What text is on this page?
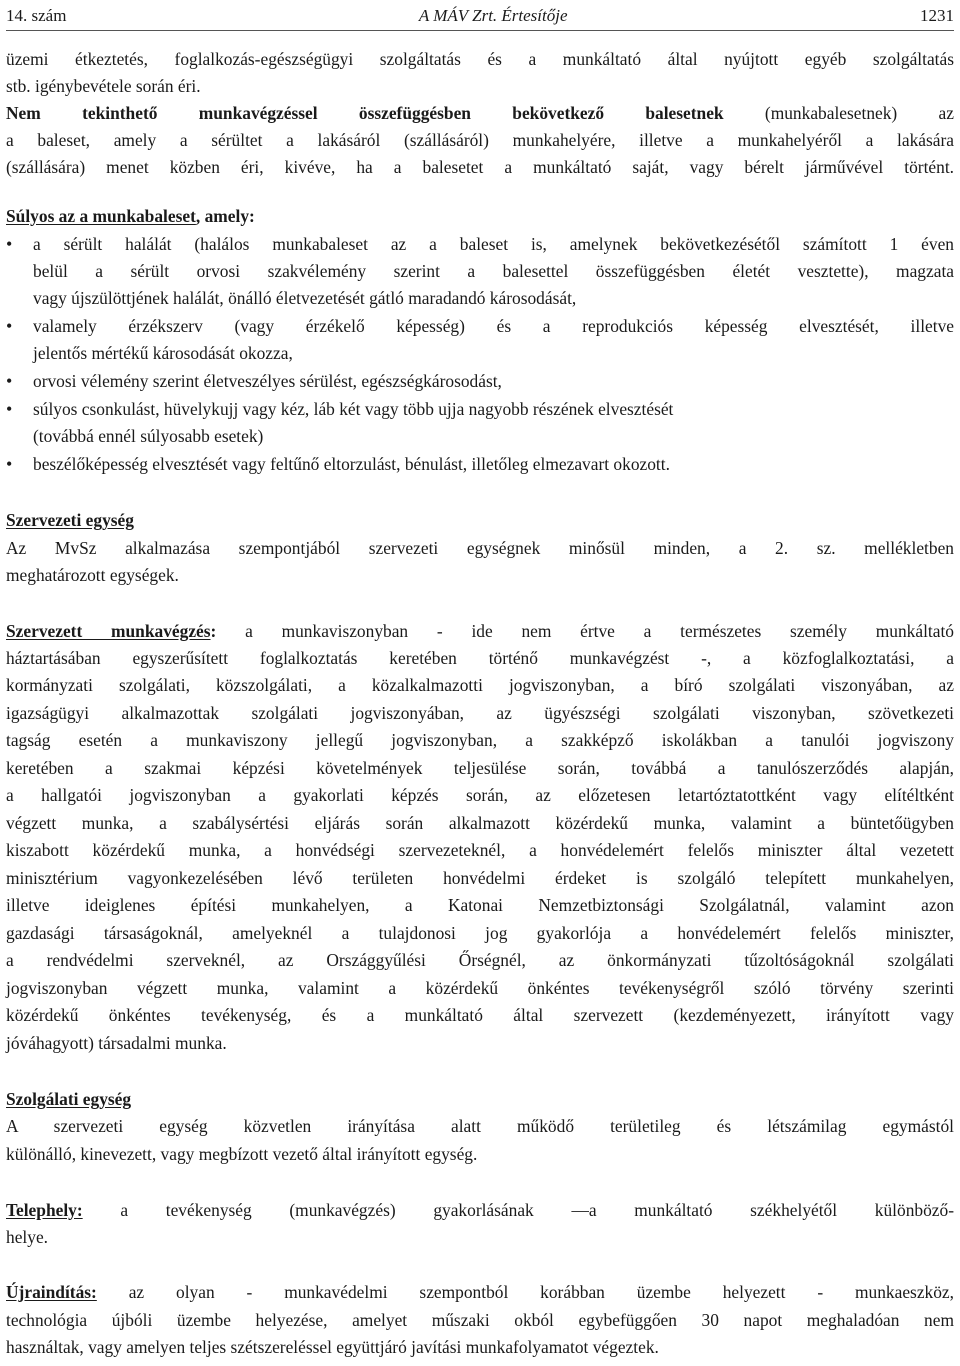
14. szám	A MÁV Zrt. Értesítője	1231
üzemi étkeztetés, foglalkozás-egészségügyi szolgáltatás és a munkáltató által nyújtott egyéb szolgáltatás
stb. igénybevétele során éri.
Nem tekinthető munkavégzéssel összefüggésben bekövetkező balesetnek (munkabalesetnek) az
a baleset, amely a sérültet a lakásáról (szállásáról) munkahelyére, illetve a munkahelyéről a lakására
(szállására) menet közben éri, kivéve, ha a balesetet a munkáltató saját, vagy bérelt járművével történt.
Súlyos az a munkabaleset, amely:
• a sérült halálát (halálos munkabaleset az a baleset is, amelynek bekövetkezésétől számított 1 éven
belül a sérült orvosi szakvélemény szerint a balesettel összefüggésben életét vesztette), magzata
vagy újszülöttjének halálát, önálló életvezetését gátló maradandó károsodását,
• valamely érzékszerv (vagy érzékelő képesség) és a reprodukciós képesség elvesztését, illetve
jelentős mértékű károsodását okozza,
• orvosi vélemény szerint életveszélyes sérülést, egészségkárosodást,
• súlyos csonkulást, hüvelykujj vagy kéz, láb két vagy több ujja nagyobb részének elvesztését
(továbbá ennél súlyosabb esetek)
• beszélőképesség elvesztését vagy feltűnő eltorzulást, bénulást, illetőleg elmezavart okozott.
Szervezeti egység
Az MvSz alkalmazása szempontjából szervezeti egységnek minősül minden, a 2. sz. mellékletben
meghatározott egységek.
Szervezett munkavégzés: a munkaviszonyban - ide nem értve a természetes személy munkáltató
háztartásában egyszerűsített foglalkoztatás keretében történő munkavégzést -, a közfoglalkoztatási, a
kormányzati szolgálati, közszolgálati, a közalkalmazotti jogviszonyban, a bíró szolgálati viszonyában, az
igazságügyi alkalmazottak szolgálati jogviszonyában, az ügyészségi szolgálati viszonyban, szövetkezeti
tagság esetén a munkaviszony jellegű jogviszonyban, a szakképző iskolákban a tanulói jogviszony
keretében a szakmai képzési követelmények teljesülése során, továbbá a tanulószerződés alapján,
a hallgatói jogviszonyban a gyakorlati képzés során, az előzetesen letartóztatottként vagy elítéltként
végzett munka, a szabálysértési eljárás során alkalmazott közérdekű munka, valamint a büntetőügyben
kiszabott közérdekű munka, a honvédségi szervezeteknél, a honvédelemért felelős miniszter által vezetett
minisztérium vagyonkezelésében lévő területen honvédelmi érdeket is szolgáló telepített munkahelyen,
illetve ideiglenes építési munkahelyen, a Katonai Nemzetbiztonsági Szolgálatnál, valamint azon
gazdasági társaságoknál, amelyeknél a tulajdonosi jog gyakorlója a honvédelemért felelős miniszter,
a rendvédelmi szerveknél, az Országgyűlési Őrségnél, az önkormányzati tűzoltóságoknál szolgálati
jogviszonyban végzett munka, valamint a közérdekű önkéntes tevékenységről szóló törvény szerinti
közérdekű önkéntes tevékenység, és a munkáltató által szervezett (kezdeményezett, irányított vagy
jóváhagyott) társadalmi munka.
Szolgálati egység
A szervezeti egység közvetlen irányítása alatt működő területileg és létszámilag egymástól
különálló, kinevezett, vagy megbízott vezető által irányított egység.
Telephely: a tevékenység (munkavégzés) gyakorlásának —a munkáltató székhelyétől különböző-
helye.
Újraindítás: az olyan - munkavédelmi szempontból korábban üzembe helyezett - munkaeszköz,
technológia újbóli üzembe helyezése, amelyet műszaki okból egybefüggően 30 napot meghaladóan nem
használtak, vagy amelyen teljes szétszereléssel együttjáró javítási munkafolyamatot végeztek.
